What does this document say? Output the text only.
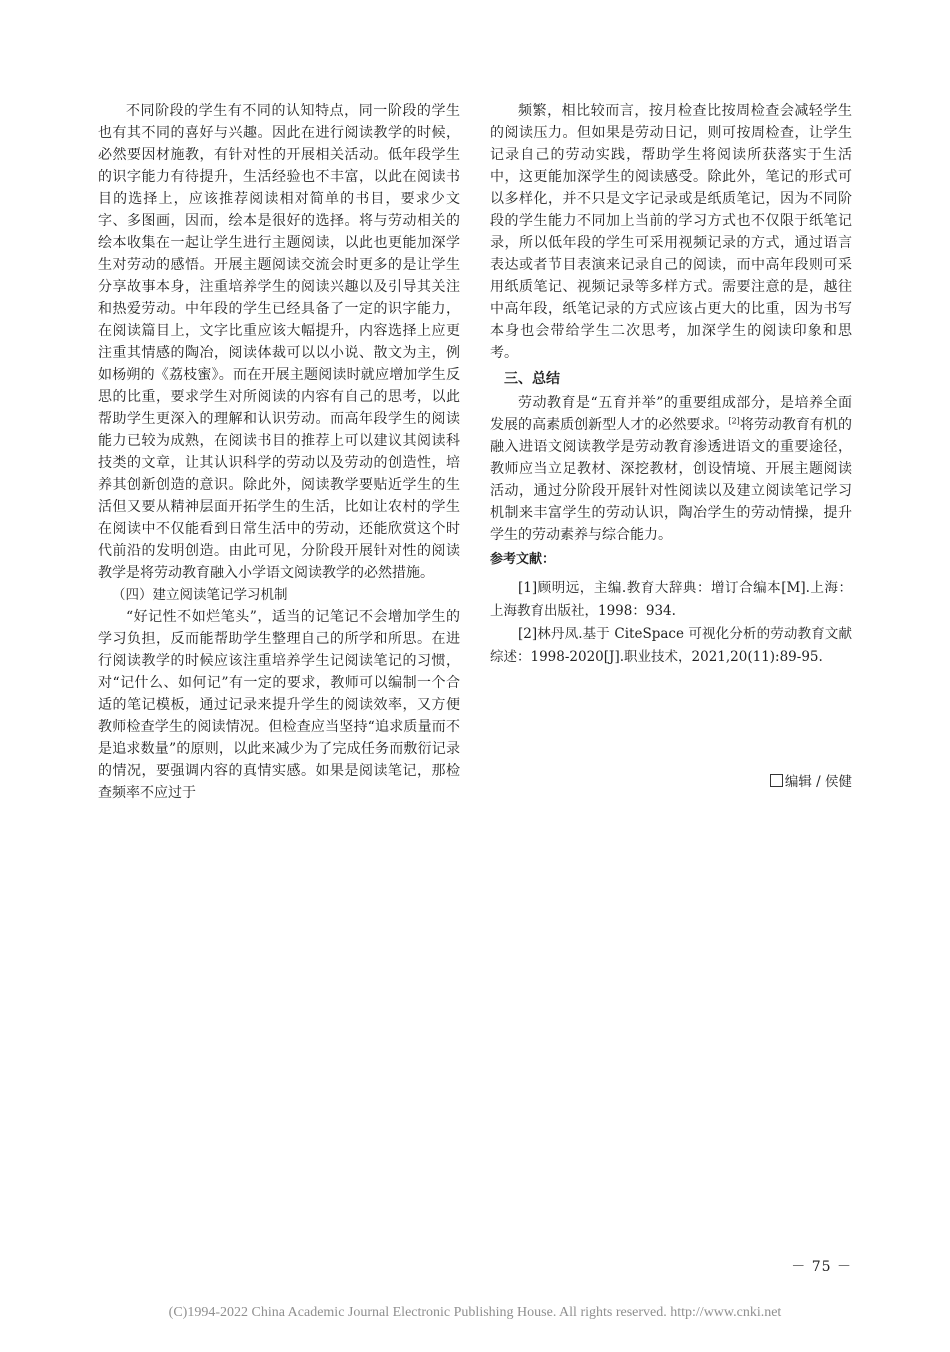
不同阶段的学生有不同的认知特点，同一阶段的学生也有其不同的喜好与兴趣。因此在进行阅读教学的时候，必然要因材施教，有针对性的开展相关活动。低年段学生的识字能力有待提升，生活经验也不丰富，以此在阅读书目的选择上，应该推荐阅读相对简单的书目，要求少文字、多图画，因而，绘本是很好的选择。将与劳动相关的绘本收集在一起让学生进行主题阅读，以此也更能加深学生对劳动的感悟。开展主题阅读交流会时更多的是让学生分享故事本身，注重培养学生的阅读兴趣以及引导其关注和热爱劳动。中年段的学生已经具备了一定的识字能力，在阅读篇目上，文字比重应该大幅提升，内容选择上应更注重其情感的陶冶，阅读体裁可以以小说、散文为主，例如杨朔的《荔枝蜜》。而在开展主题阅读时就应增加学生反思的比重，要求学生对所阅读的内容有自己的思考，以此帮助学生更深入的理解和认识劳动。而高年段学生的阅读能力已较为成熟，在阅读书目的推荐上可以建议其阅读科技类的文章，让其认识科学的劳动以及劳动的创造性，培养其创新创造的意识。除此外，阅读教学要贴近学生的生活但又要从精神层面开拓学生的生活，比如让农村的学生在阅读中不仅能看到日常生活中的劳动，还能欣赏这个时代前沿的发明创造。由此可见，分阶段开展针对性的阅读教学是将劳动教育融入小学语文阅读教学的必然措施。

（四）建立阅读笔记学习机制

“好记性不如烂笔头”，适当的记笔记不会增加学生的学习负担，反而能帮助学生整理自己的所学和所思。在进行阅读教学的时候应该注重培养学生记阅读笔记的习惯，对“记什么、如何记”有一定的要求，教师可以编制一个合适的笔记模板，通过记录来提升学生的阅读效率，又方便教师检查学生的阅读情况。但检查应当坚持“追求质量而不是追求数量”的原则，以此来减少为了完成任务而敷衍记录的情况，要强调内容的真情实感。如果是阅读笔记，那检查频率不应过于

频繁，相比较而言，按月检查比按周检查会减轻学生的阅读压力。但如果是劳动日记，则可按周检查，让学生记录自己的劳动实践，帮助学生将阅读所获落实于生活中，这更能加深学生的阅读感受。除此外，笔记的形式可以多样化，并不只是文字记录或是纸质笔记，因为不同阶段的学生能力不同加上当前的学习方式也不仅限于纸笔记录，所以低年段的学生可采用视频记录的方式，通过语言表达或者节目表演来记录自己的阅读，而中高年段则可采用纸质笔记、视频记录等多样方式。需要注意的是，越往中高年段，纸笔记录的方式应该占更大的比重，因为书写本身也会带给学生二次思考，加深学生的阅读印象和思考。

三、总结

劳动教育是“五育并举”的重要组成部分，是培养全面发展的高素质创新型人才的必然要求。[2]将劳动教育有机的融入进语文阅读教学是劳动教育渗透进语文的重要途径，教师应当立足教材、深挖教材，创设情境、开展主题阅读活动，通过分阶段开展针对性阅读以及建立阅读笔记学习机制来丰富学生的劳动认识，陶冶学生的劳动情操，提升学生的劳动素养与综合能力。

参考文献：

[1]顾明远，主编.教育大辞典：增订合编本[M].上海：上海教育出版社，1998：934.

[2]林丹凤.基于 CiteSpace 可视化分析的劳动教育文献综述：1998-2020[J].职业技术，2021,20(11):89-95.

编辑 / 侯健
－ 75 －
(C)1994-2022 China Academic Journal Electronic Publishing House. All rights reserved. http://www.cnki.net
